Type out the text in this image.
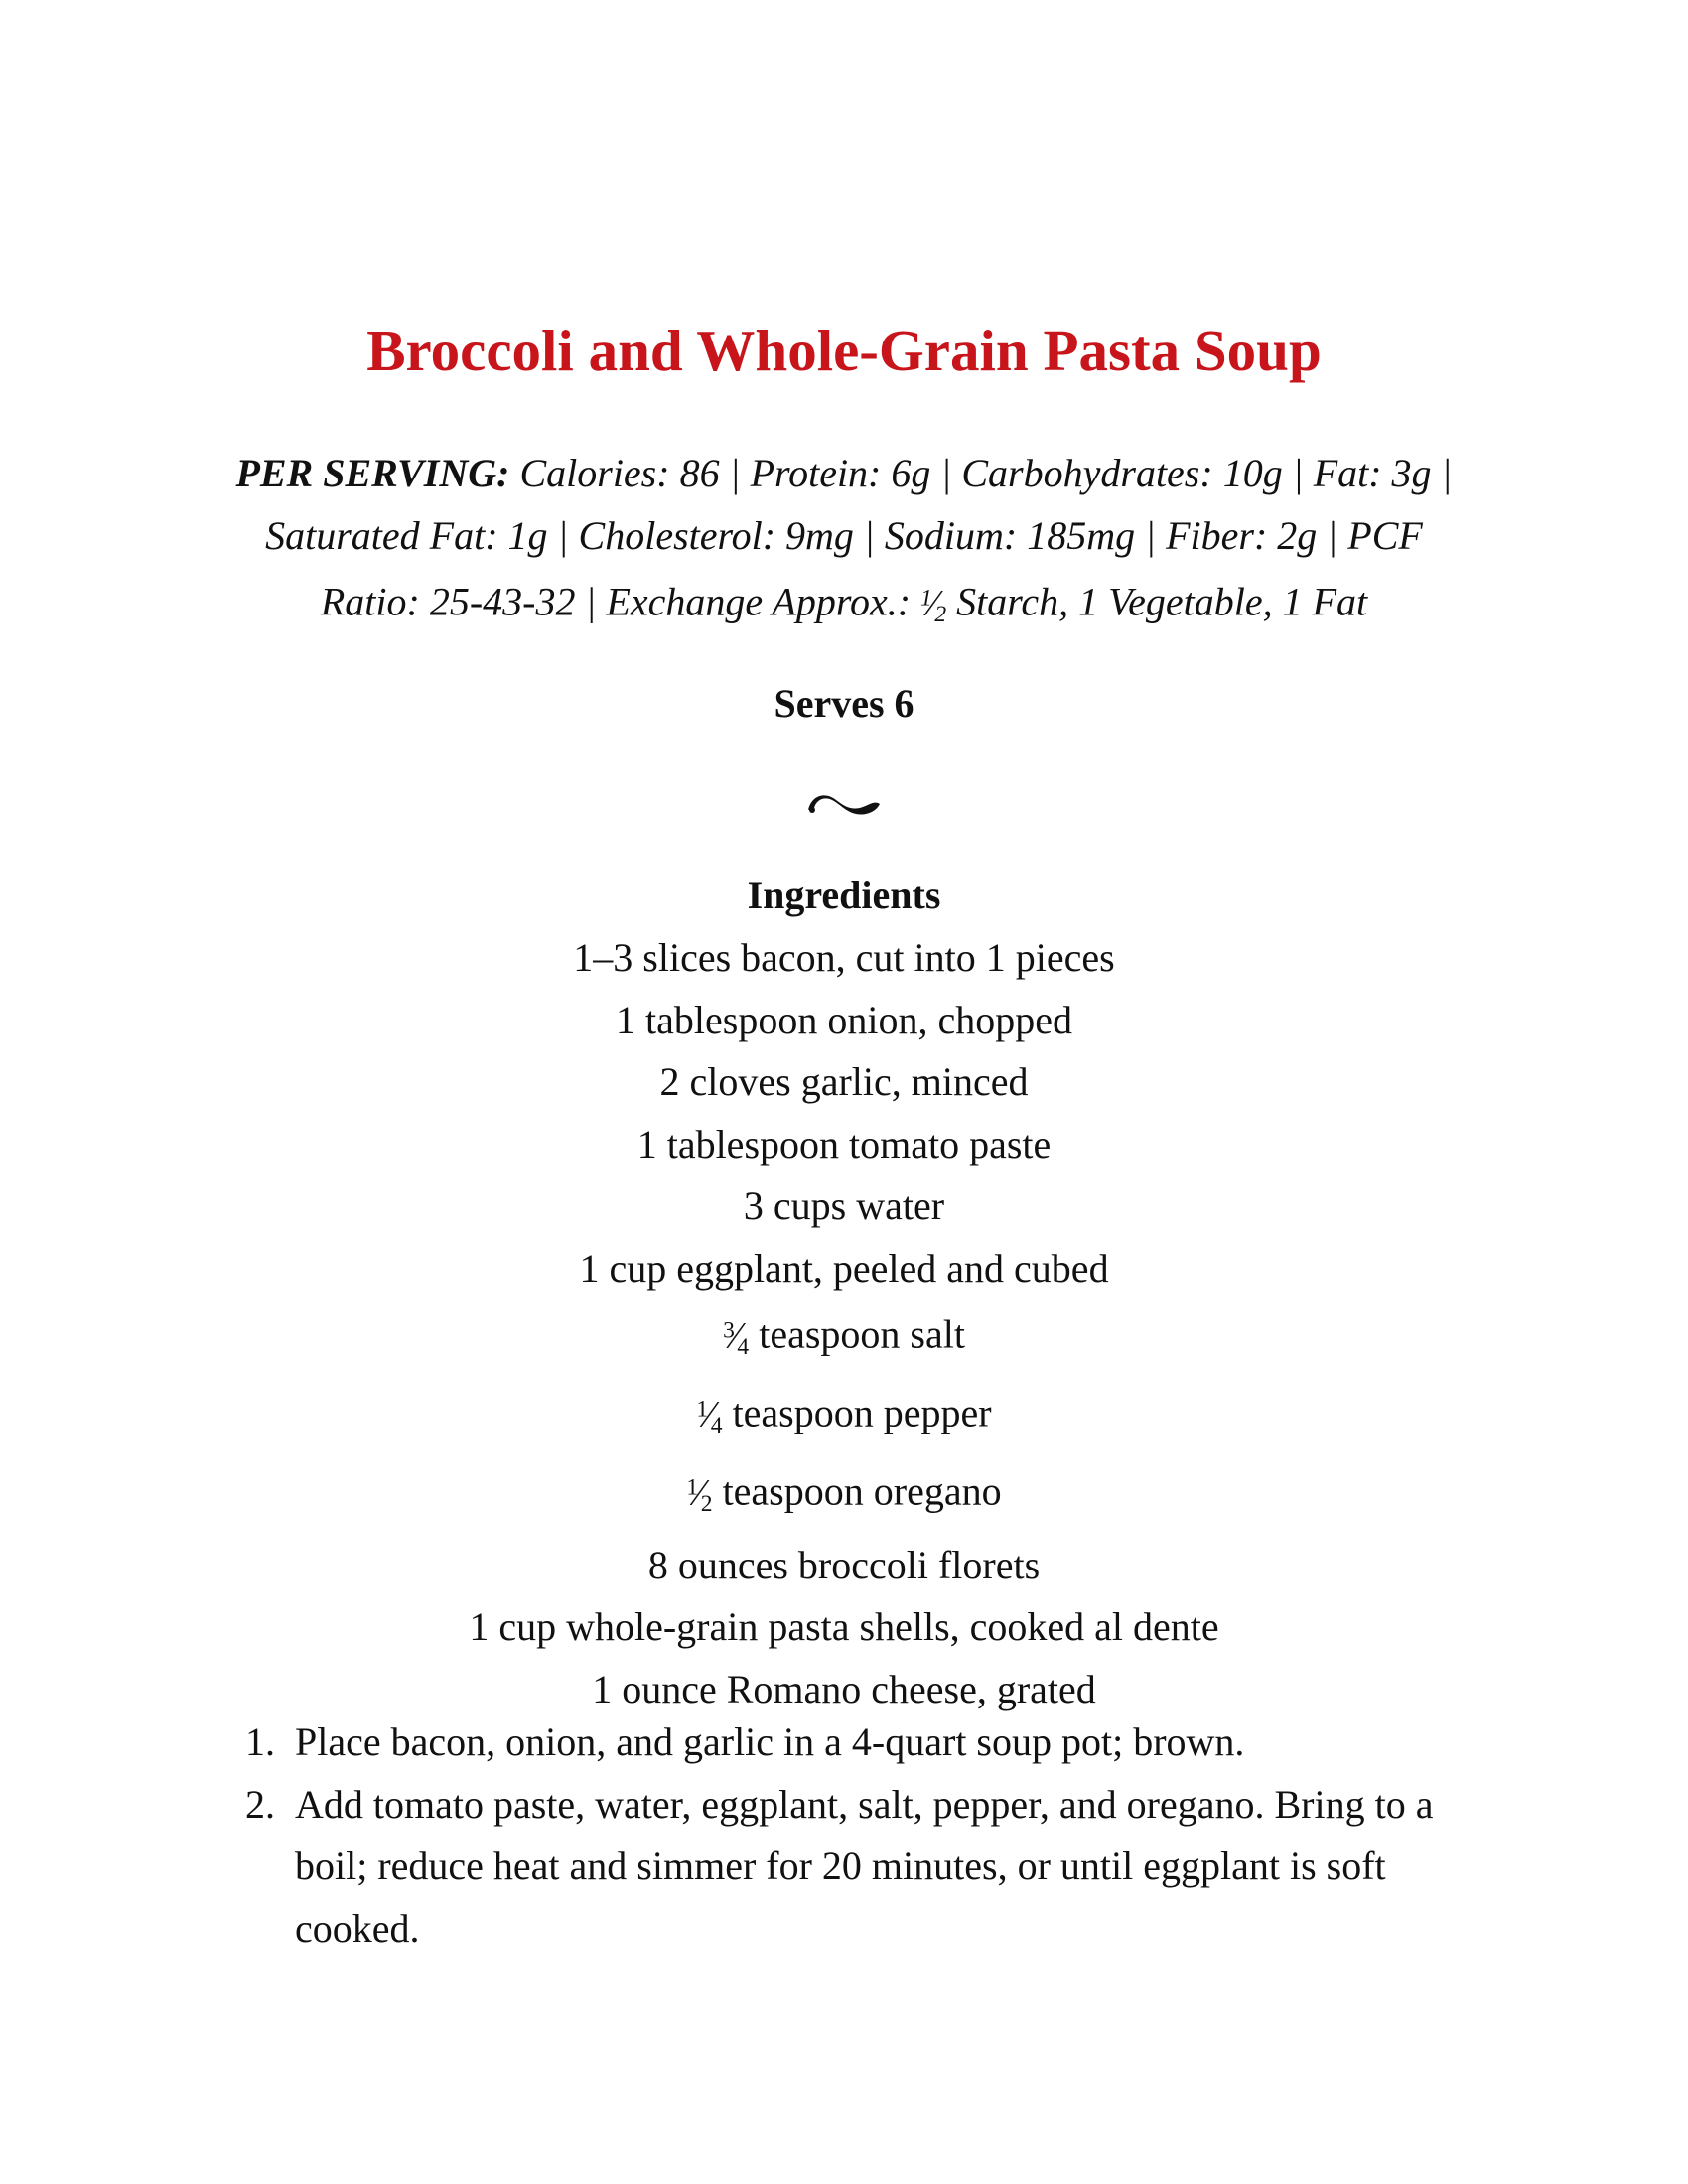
Broccoli and Whole-Grain Pasta Soup

PER SERVING: Calories: 86 | Protein: 6g | Carbohydrates: 10g | Fat: 3g | Saturated Fat: 1g | Cholesterol: 9mg | Sodium: 185mg | Fiber: 2g | PCF Ratio: 25-43-32 | Exchange Approx.: $^1$⁄2 Starch, 1 Vegetable, 1 Fat

Serves 6

Ingredients

1–3 slices bacon, cut into 1 pieces
1 tablespoon onion, chopped
2 cloves garlic, minced
1 tablespoon tomato paste
3 cups water
1 cup eggplant, peeled and cubed
$^3$⁄4 teaspoon salt
$^1$⁄4 teaspoon pepper
$^1$⁄2 teaspoon oregano
8 ounces broccoli florets
1 cup whole-grain pasta shells, cooked al dente
1 ounce Romano cheese, grated
1. Place bacon, onion, and garlic in a 4-quart soup pot; brown.
2. Add tomato paste, water, eggplant, salt, pepper, and oregano. Bring to a boil; reduce heat and simmer for 20 minutes, or until eggplant is soft cooked.
